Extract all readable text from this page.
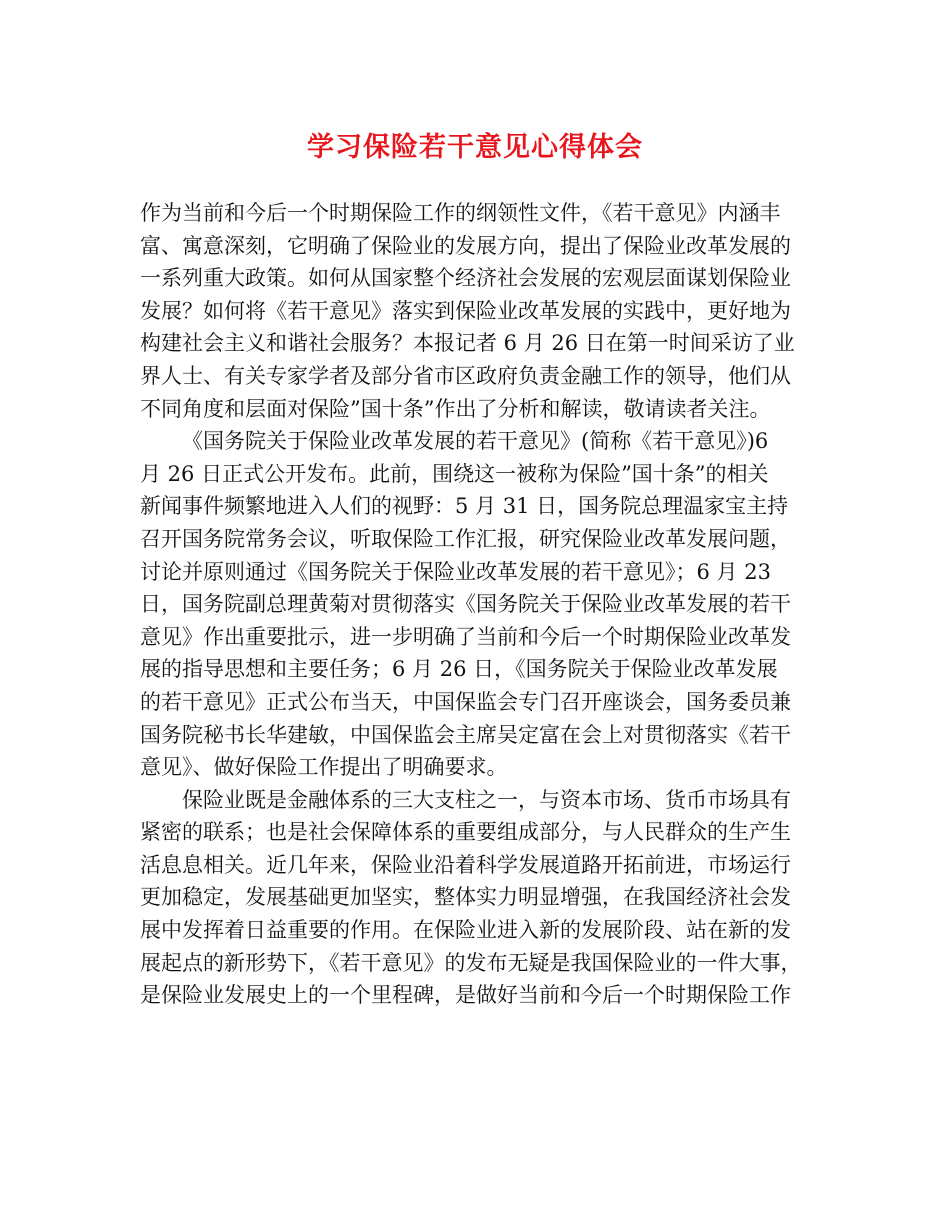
学习保险若干意见心得体会
作为当前和今后一个时期保险工作的纲领性文件，《若干意见》内涵丰
富、寓意深刻，它明确了保险业的发展方向，提出了保险业改革发展的
一系列重大政策。如何从国家整个经济社会发展的宏观层面谋划保险业
发展？如何将《若干意见》落实到保险业改革发展的实践中，更好地为
构建社会主义和谐社会服务？本报记者 6 月 26 日在第一时间采访了业
界人士、有关专家学者及部分省市区政府负责金融工作的领导，他们从
不同角度和层面对保险”国十条”作出了分析和解读，敬请读者关注。
《国务院关于保险业改革发展的若干意见》(简称《若干意见》)6
月 26 日正式公开发布。此前，围绕这一被称为保险”国十条”的相关
新闻事件频繁地进入人们的视野：5 月 31 日，国务院总理温家宝主持
召开国务院常务会议，听取保险工作汇报，研究保险业改革发展问题，
讨论并原则通过《国务院关于保险业改革发展的若干意见》；6 月 23
日，国务院副总理黄菊对贯彻落实《国务院关于保险业改革发展的若干
意见》作出重要批示，进一步明确了当前和今后一个时期保险业改革发
展的指导思想和主要任务；6 月 26 日，《国务院关于保险业改革发展
的若干意见》正式公布当天，中国保监会专门召开座谈会，国务委员兼
国务院秘书长华建敏，中国保监会主席吴定富在会上对贯彻落实《若干
意见》、做好保险工作提出了明确要求。
保险业既是金融体系的三大支柱之一，与资本市场、货币市场具有
紧密的联系；也是社会保障体系的重要组成部分，与人民群众的生产生
活息息相关。近几年来，保险业沿着科学发展道路开拓前进，市场运行
更加稳定，发展基础更加坚实，整体实力明显增强，在我国经济社会发
展中发挥着日益重要的作用。在保险业进入新的发展阶段、站在新的发
展起点的新形势下，《若干意见》的发布无疑是我国保险业的一件大事，
是保险业发展史上的一个里程碑，是做好当前和今后一个时期保险工作
